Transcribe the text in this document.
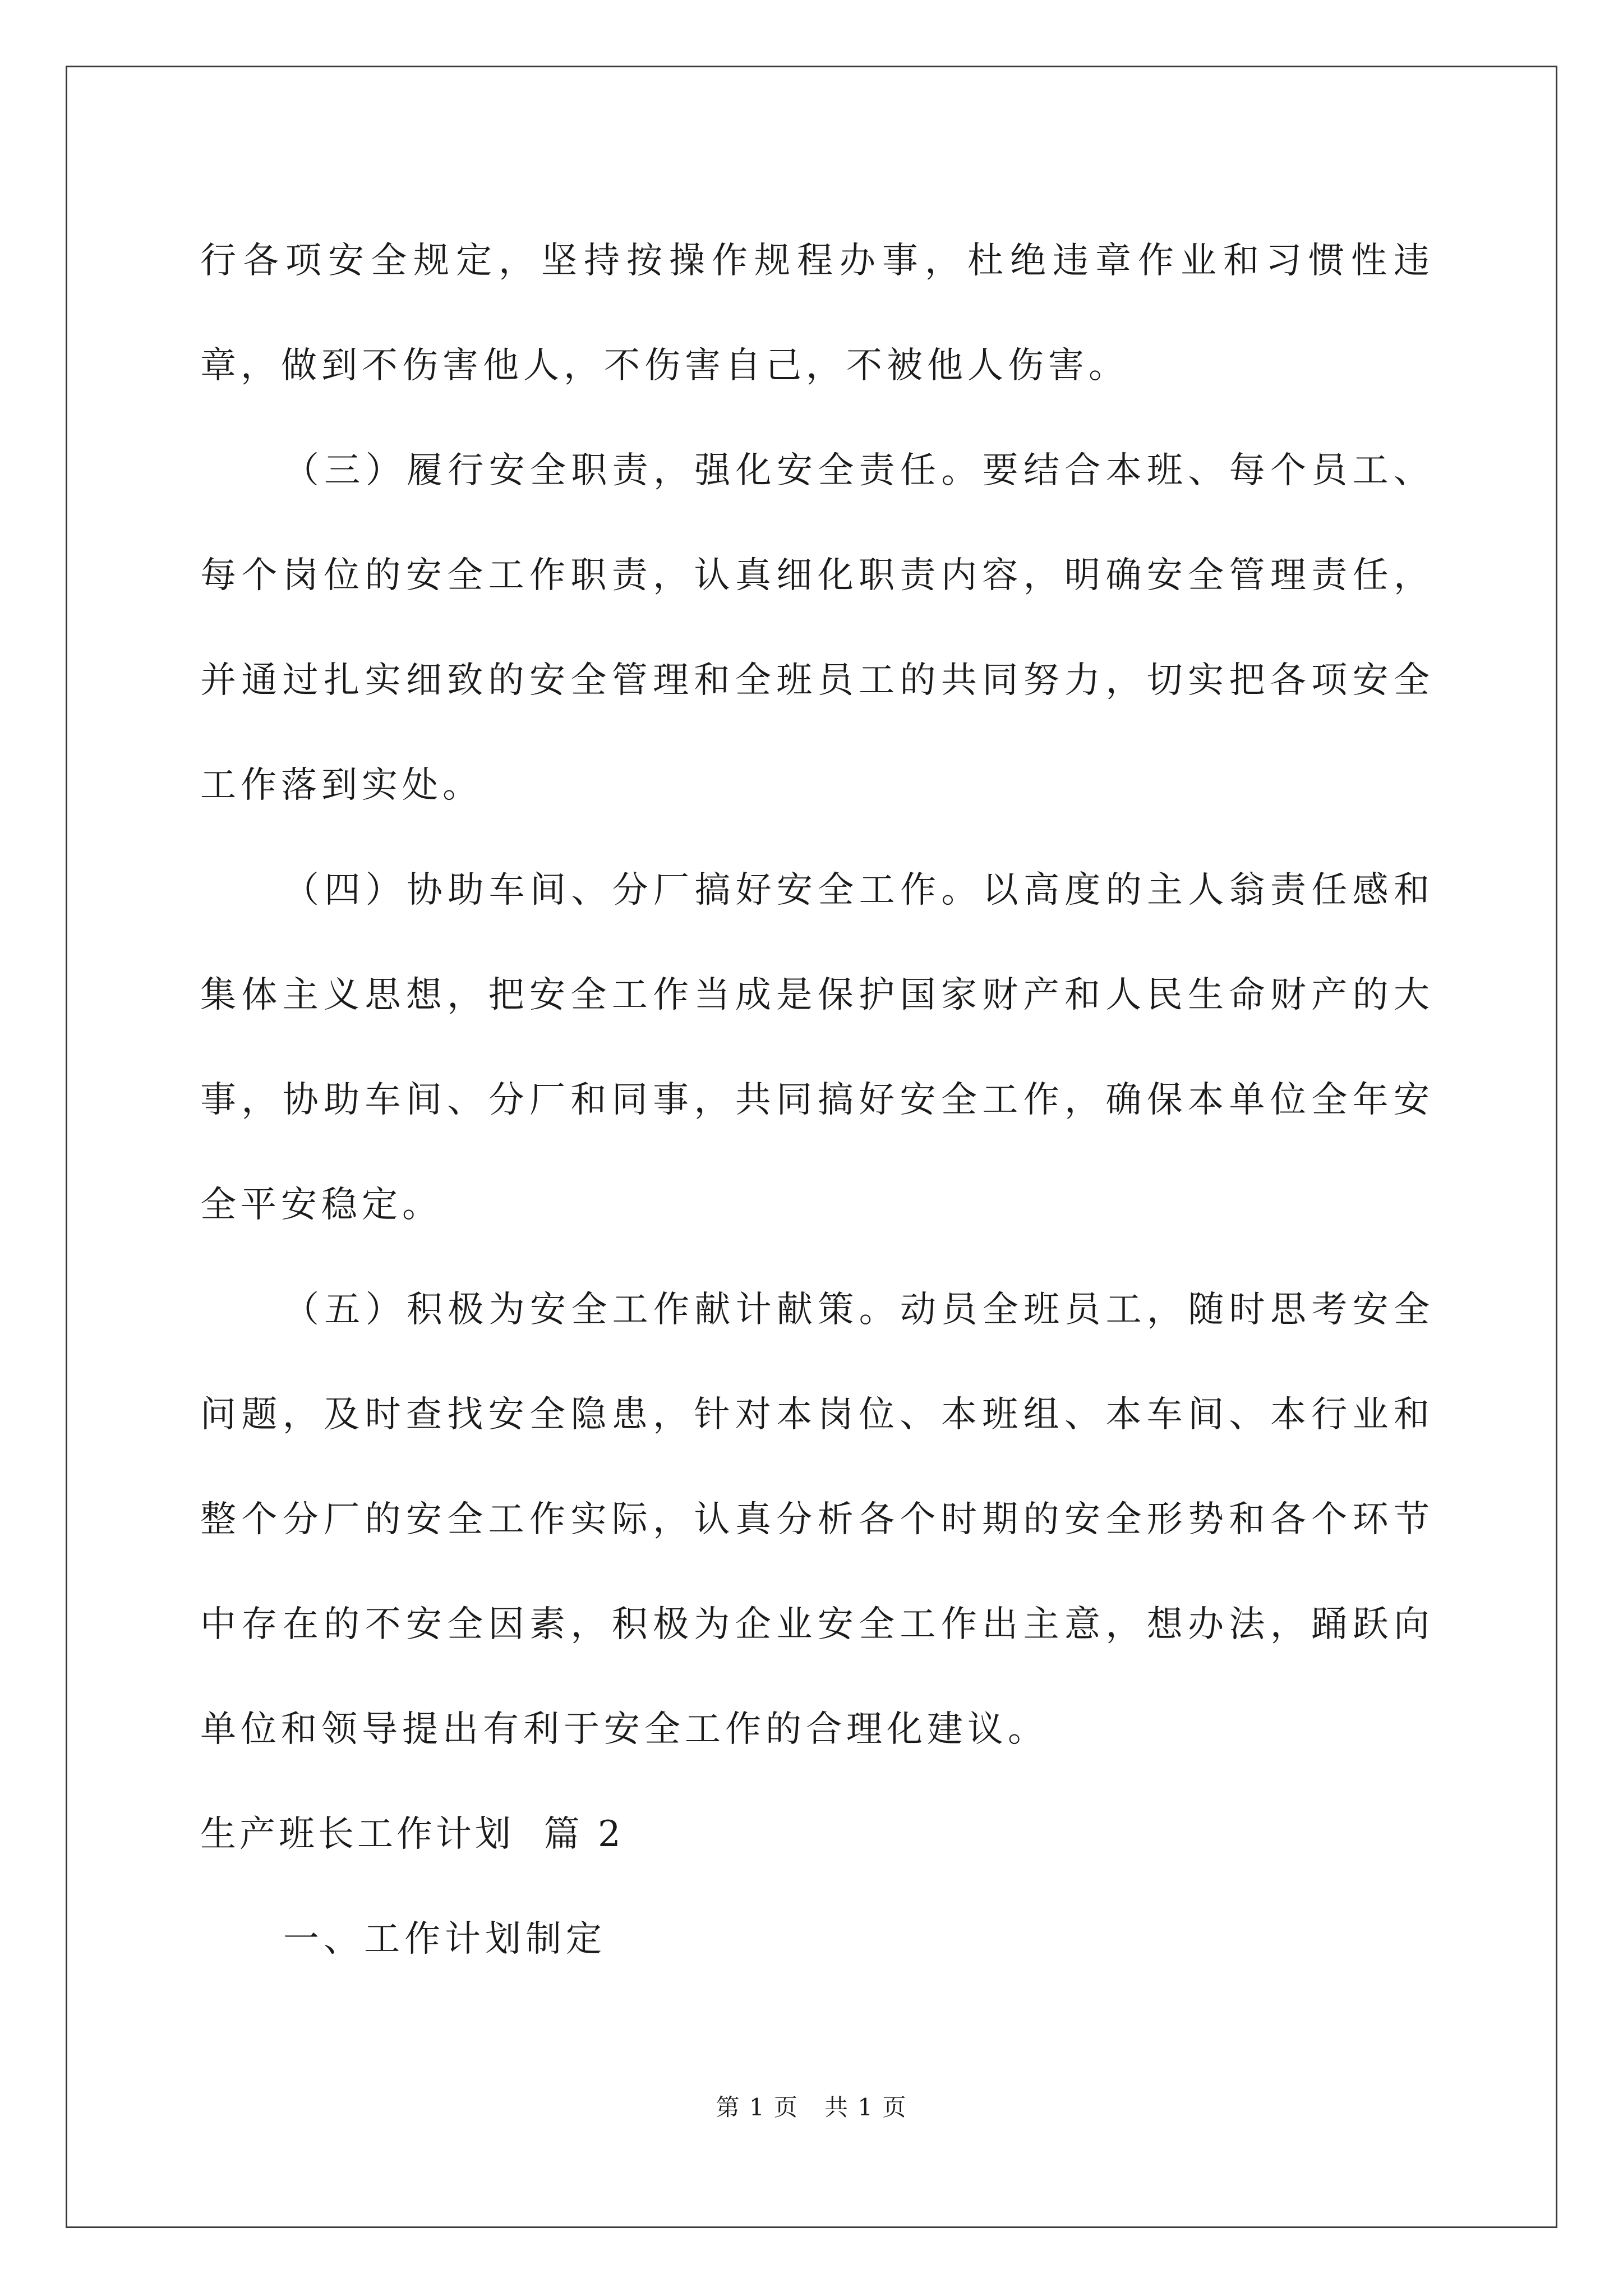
行各项安全规定，坚持按操作规程办事，杜绝违章作业和习惯性违章，做到不伤害他人，不伤害自己，不被他人伤害。

（三）履行安全职责，强化安全责任。要结合本班、每个员工、每个岗位的安全工作职责，认真细化职责内容，明确安全管理责任，并通过扎实细致的安全管理和全班员工的共同努力，切实把各项安全工作落到实处。

（四）协助车间、分厂搞好安全工作。以高度的主人翁责任感和集体主义思想，把安全工作当成是保护国家财产和人民生命财产的大事，协助车间、分厂和同事，共同搞好安全工作，确保本单位全年安全平安稳定。

（五）积极为安全工作献计献策。动员全班员工，随时思考安全问题，及时查找安全隐患，针对本岗位、本班组、本车间、本行业和整个分厂的安全工作实际，认真分析各个时期的安全形势和各个环节中存在的不安全因素，积极为企业安全工作出主意，想办法，踊跃向单位和领导提出有利于安全工作的合理化建议。

生产班长工作计划  篇 2

一、工作计划制定

第 1 页 共 1 页
